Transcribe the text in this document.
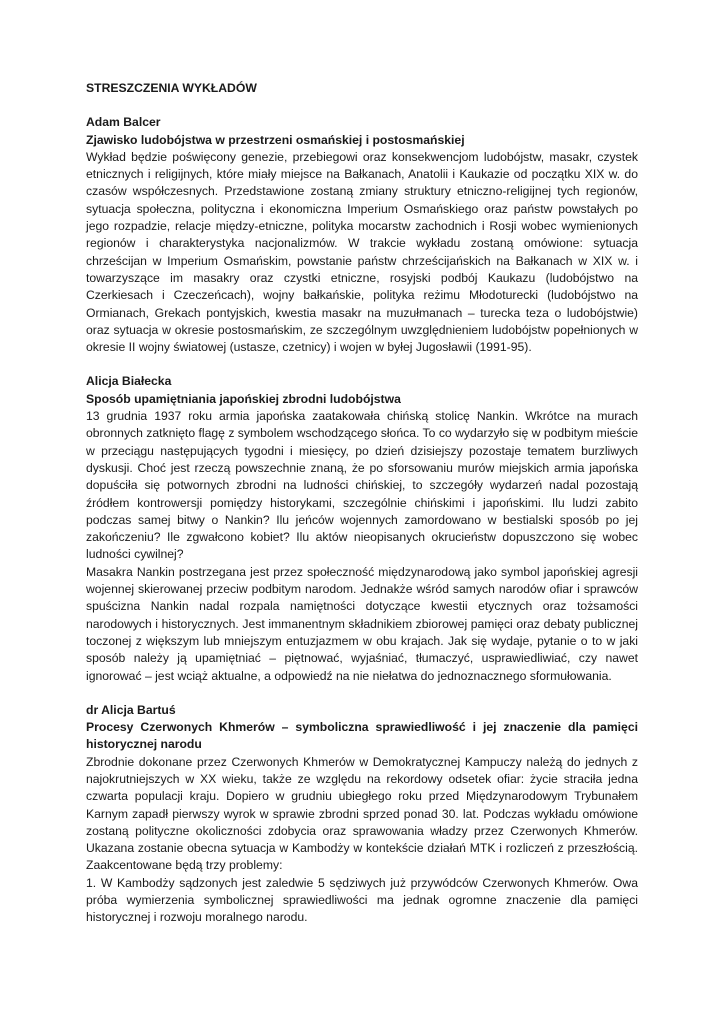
STRESZCZENIA WYKŁADÓW

Adam Balcer

Zjawisko ludobójstwa w przestrzeni osmańskiej i postosmańskiej

Wykład będzie poświęcony genezie, przebiegowi oraz konsekwencjom ludobójstw, masakr, czystek etnicznych i religijnych, które miały miejsce na Bałkanach, Anatolii i Kaukazie od początku XIX w. do czasów współczesnych. Przedstawione zostaną zmiany struktury etniczno-religijnej tych regionów, sytuacja społeczna, polityczna i ekonomiczna Imperium Osmańskiego oraz państw powstałych po jego rozpadzie, relacje między-etniczne, polityka mocarstw zachodnich i Rosji wobec wymienionych regionów i charakterystyka nacjonalizmów. W trakcie wykładu zostaną omówione: sytuacja chrześcijan w Imperium Osmańskim, powstanie państw chrześcijańskich na Bałkanach w XIX w. i towarzyszące im masakry oraz czystki etniczne, rosyjski podbój Kaukazu (ludobójstwo na Czerkiesach i Czeczeńcach), wojny bałkańskie, polityka reżimu Młodoturecki (ludobójstwo na Ormianach, Grekach pontyjskich, kwestia masakr na muzułmanach – turecka teza o ludobójstwie) oraz sytuacja w okresie postosmańskim, ze szczególnym uwzględnieniem ludobójstw popełnionych w okresie II wojny światowej (ustasze, czetnicy) i wojen w byłej Jugosławii (1991-95).

Alicja Białecka

Sposób upamiętniania japońskiej zbrodni ludobójstwa

13 grudnia 1937 roku armia japońska zaatakowała chińską stolicę Nankin. Wkrótce na murach obronnych zatknięto flagę z symbolem wschodzącego słońca. To co wydarzyło się w podbitym mieście w przeciągu następujących tygodni i miesięcy, po dzień dzisiejszy pozostaje tematem burzliwych dyskusji. Choć jest rzeczą powszechnie znaną, że po sforsowaniu murów miejskich armia japońska dopuściła się potwornych zbrodni na ludności chińskiej, to szczegóły wydarzeń nadal pozostają źródłem kontrowersji pomiędzy historykami, szczególnie chińskimi i japońskimi. Ilu ludzi zabito podczas samej bitwy o Nankin? Ilu jeńców wojennych zamordowano w bestialski sposób po jej zakończeniu? Ile zgwałcono kobiet? Ilu aktów nieopisanych okrucieństw dopuszczono się wobec ludności cywilnej?

Masakra Nankin postrzegana jest przez społeczność międzynarodową jako symbol japońskiej agresji wojennej skierowanej przeciw podbitym narodom. Jednakże wśród samych narodów ofiar i sprawców spuścizna Nankin nadal rozpala namiętności dotyczące kwestii etycznych oraz tożsamości narodowych i historycznych. Jest immanentnym składnikiem zbiorowej pamięci oraz debaty publicznej toczonej z większym lub mniejszym entuzjazmem w obu krajach. Jak się wydaje, pytanie o to w jaki sposób należy ją upamiętniać – piętnować, wyjaśniać, tłumaczyć, usprawiedliwiać, czy nawet ignorować – jest wciąż aktualne, a odpowiedź na nie niełatwa do jednoznacznego sformułowania.

dr Alicja Bartuś

Procesy Czerwonych Khmerów – symboliczna sprawiedliwość i jej znaczenie dla pamięci historycznej narodu

Zbrodnie dokonane przez Czerwonych Khmerów w Demokratycznej Kampuczy należą do jednych z najokrutniejszych w XX wieku, także ze względu na rekordowy odsetek ofiar: życie straciła jedna czwarta populacji kraju. Dopiero w grudniu ubiegłego roku przed Międzynarodowym Trybunałem Karnym zapadł pierwszy wyrok w sprawie zbrodni sprzed ponad 30. lat. Podczas wykładu omówione zostaną polityczne okoliczności zdobycia oraz sprawowania władzy przez Czerwonych Khmerów. Ukazana zostanie obecna sytuacja w Kambodży w kontekście działań MTK i rozliczeń z przeszłością. Zaakcentowane będą trzy problemy:

1. W Kambodży sądzonych jest zaledwie 5 sędziwych już przywódców Czerwonych Khmerów. Owa próba wymierzenia symbolicznej sprawiedliwości ma jednak ogromne znaczenie dla pamięci historycznej i rozwoju moralnego narodu.
